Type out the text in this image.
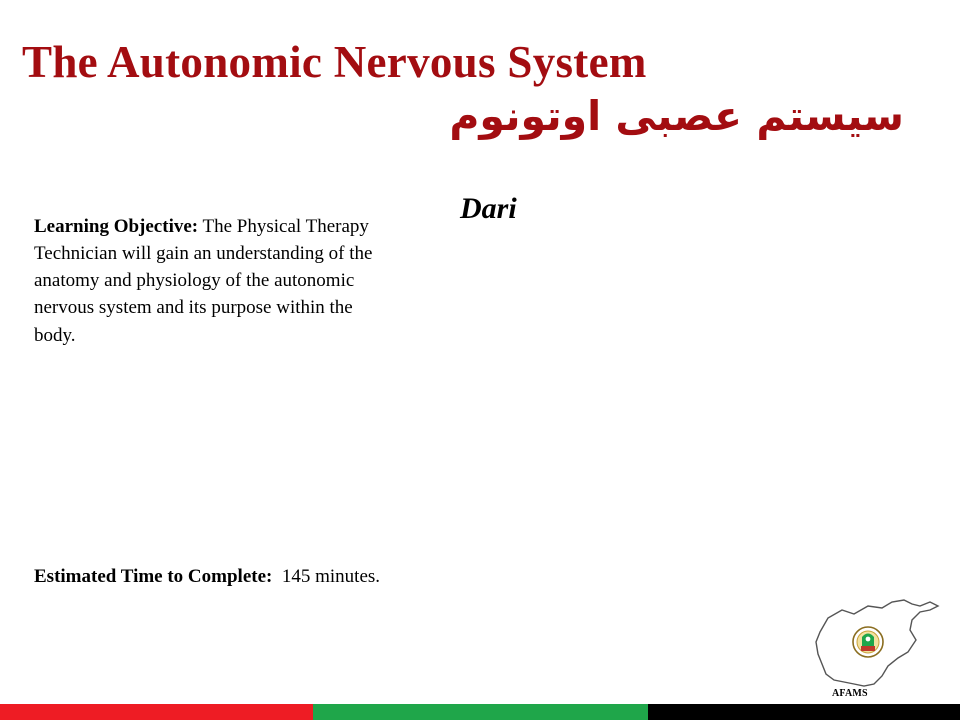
The Autonomic Nervous System
سیستم عصبی اوتونوم
Dari
Learning Objective: The Physical Therapy Technician will gain an understanding of the anatomy and physiology of the autonomic nervous system and its purpose within the body.
Estimated Time to Complete:  145 minutes.
AFAMS
